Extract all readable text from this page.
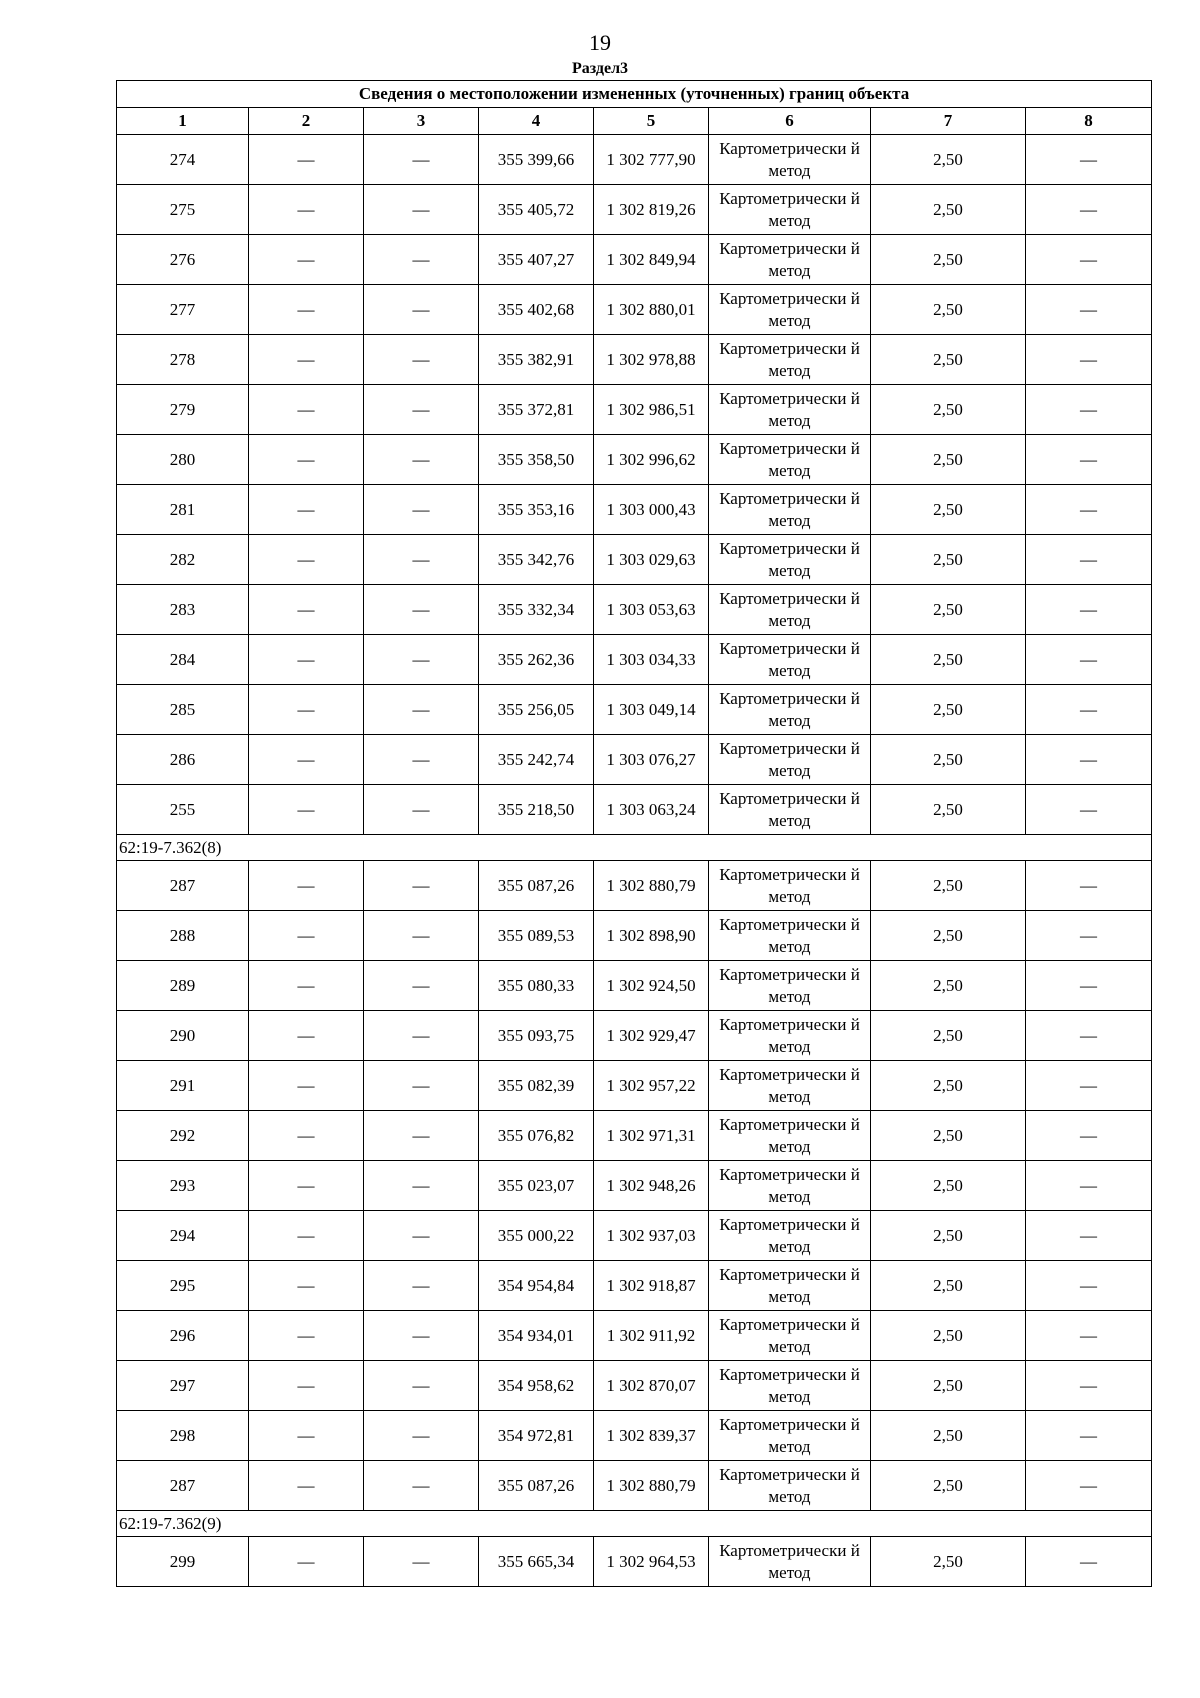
19
Раздел3
Сведения о местоположении измененных (уточненных) границ объекта							
1	2	3	4	5	6	7	8
274	—	—	355 399,66	1 302 777,90	Картометрически й метод	2,50	—
275	—	—	355 405,72	1 302 819,26	Картометрически й метод	2,50	—
276	—	—	355 407,27	1 302 849,94	Картометрически й метод	2,50	—
277	—	—	355 402,68	1 302 880,01	Картометрически й метод	2,50	—
278	—	—	355 382,91	1 302 978,88	Картометрически й метод	2,50	—
279	—	—	355 372,81	1 302 986,51	Картометрически й метод	2,50	—
280	—	—	355 358,50	1 302 996,62	Картометрически й метод	2,50	—
281	—	—	355 353,16	1 303 000,43	Картометрически й метод	2,50	—
282	—	—	355 342,76	1 303 029,63	Картометрически й метод	2,50	—
283	—	—	355 332,34	1 303 053,63	Картометрически й метод	2,50	—
284	—	—	355 262,36	1 303 034,33	Картометрически й метод	2,50	—
285	—	—	355 256,05	1 303 049,14	Картометрически й метод	2,50	—
286	—	—	355 242,74	1 303 076,27	Картометрически й метод	2,50	—
255	—	—	355 218,50	1 303 063,24	Картометрически й метод	2,50	—
62:19-7.362(8)							
287	—	—	355 087,26	1 302 880,79	Картометрически й метод	2,50	—
288	—	—	355 089,53	1 302 898,90	Картометрически й метод	2,50	—
289	—	—	355 080,33	1 302 924,50	Картометрически й метод	2,50	—
290	—	—	355 093,75	1 302 929,47	Картометрически й метод	2,50	—
291	—	—	355 082,39	1 302 957,22	Картометрически й метод	2,50	—
292	—	—	355 076,82	1 302 971,31	Картометрически й метод	2,50	—
293	—	—	355 023,07	1 302 948,26	Картометрически й метод	2,50	—
294	—	—	355 000,22	1 302 937,03	Картометрически й метод	2,50	—
295	—	—	354 954,84	1 302 918,87	Картометрически й метод	2,50	—
296	—	—	354 934,01	1 302 911,92	Картометрически й метод	2,50	—
297	—	—	354 958,62	1 302 870,07	Картометрически й метод	2,50	—
298	—	—	354 972,81	1 302 839,37	Картометрически й метод	2,50	—
287	—	—	355 087,26	1 302 880,79	Картометрически й метод	2,50	—
62:19-7.362(9)							
299	—	—	355 665,34	1 302 964,53	Картометрически й метод	2,50	—
